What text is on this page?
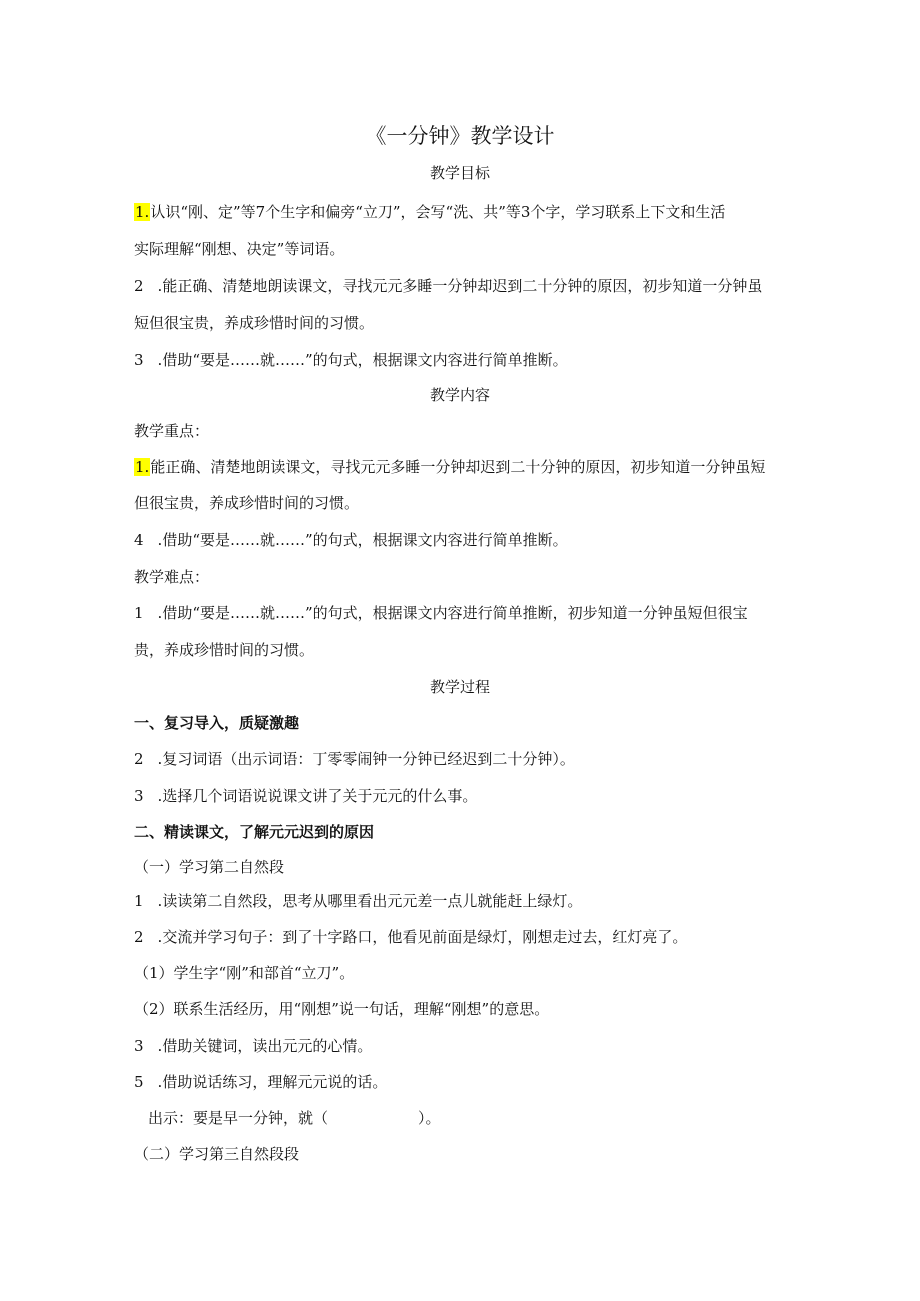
《一分钟》教学设计
教学目标
1.认识“刚、定”等7个生字和偏旁“立刀”，会写“洗、共”等3个字，学习联系上下文和生活
实际理解“刚想、决定”等词语。
2 .能正确、清楚地朗读课文，寻找元元多睡一分钟却迟到二十分钟的原因，初步知道一分钟虽
短但很宝贵，养成珍惜时间的习惯。
3 .借助“要是……就……”的句式，根据课文内容进行简单推断。
教学内容
教学重点：
1.能正确、清楚地朗读课文，寻找元元多睡一分钟却迟到二十分钟的原因，初步知道一分钟虽短
但很宝贵，养成珍惜时间的习惯。
4 .借助“要是……就……”的句式，根据课文内容进行简单推断。
教学难点：
1 .借助“要是……就……”的句式，根据课文内容进行简单推断，初步知道一分钟虽短但很宝
贵，养成珍惜时间的习惯。
教学过程
一、复习导入，质疑激趣
2 .复习词语（出示词语：丁零零闹钟一分钟已经迟到二十分钟）。
3 .选择几个词语说说课文讲了关于元元的什么事。
二、精读课文，了解元元迟到的原因
（一）学习第二自然段
1 .读读第二自然段，思考从哪里看出元元差一点儿就能赶上绿灯。
2 .交流并学习句子：到了十字路口，他看见前面是绿灯，刚想走过去，红灯亮了。
（1）学生字“刚”和部首“立刀”。
（2）联系生活经历，用“刚想”说一句话，理解“刚想”的意思。
3 .借助关键词，读出元元的心情。
5 .借助说话练习，理解元元说的话。
出示：要是早一分钟，就（　　　　　　）。
（二）学习第三自然段段
